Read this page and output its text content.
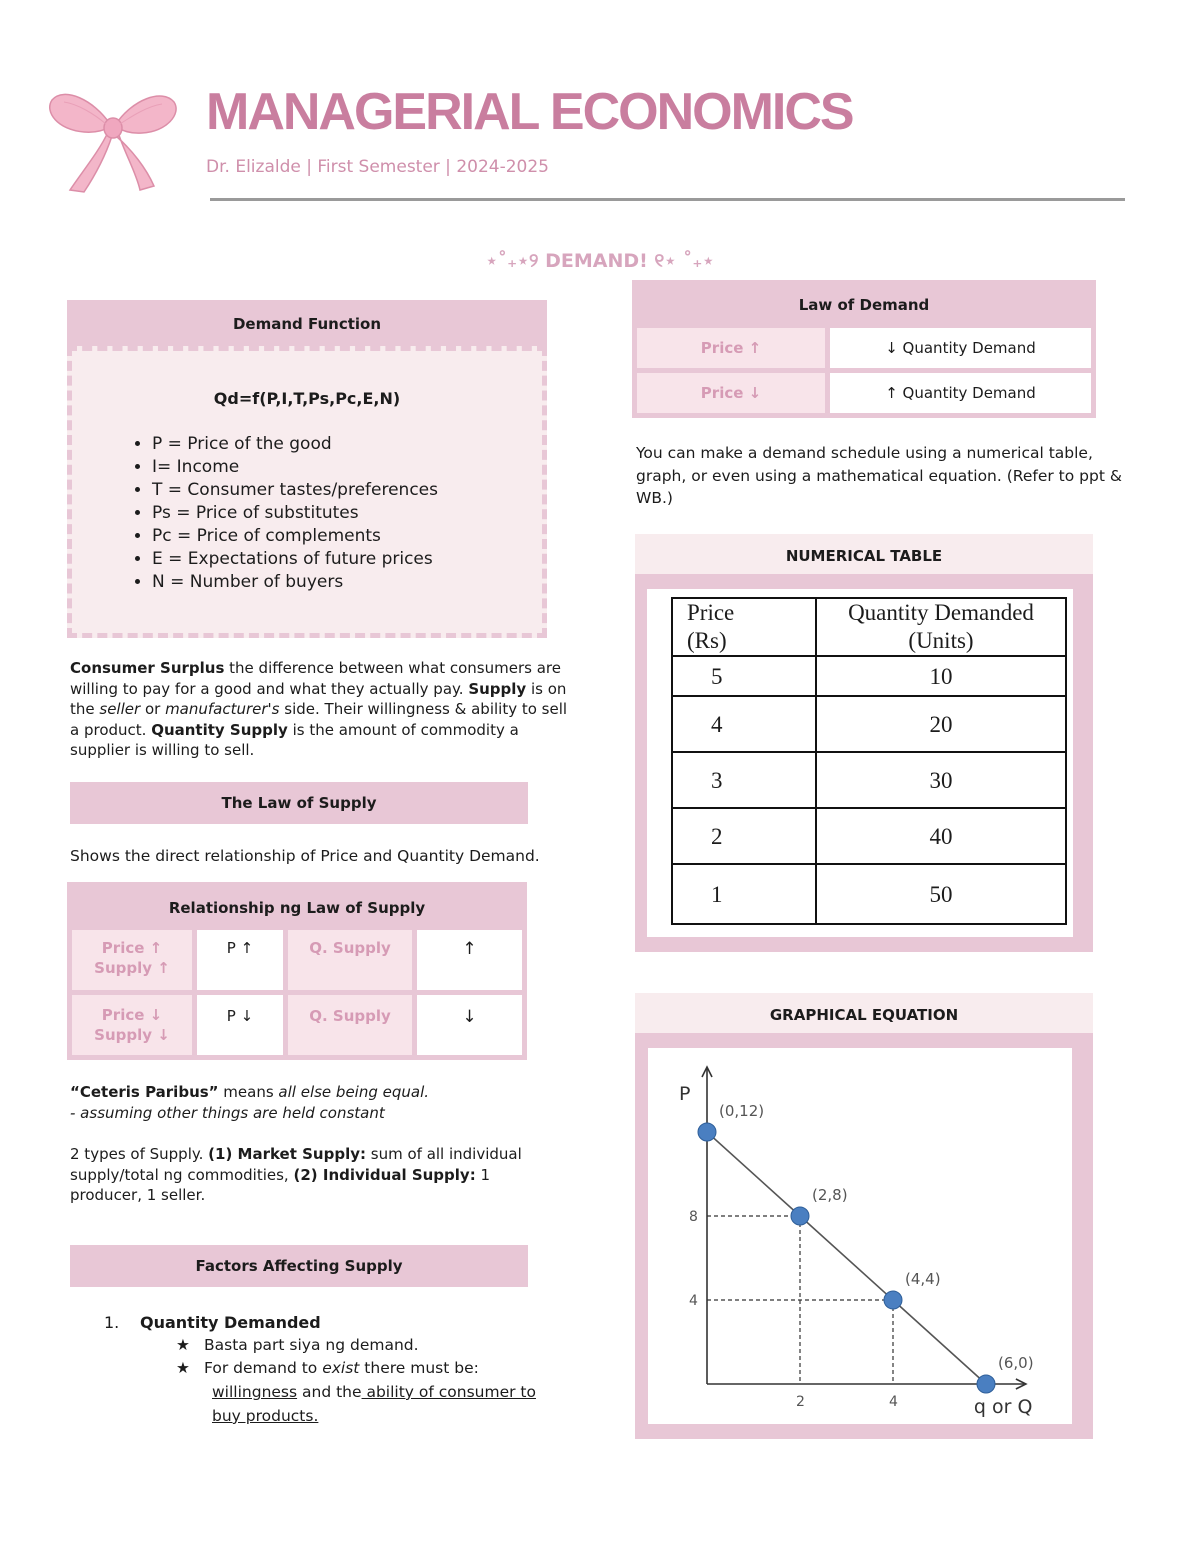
MANAGERIAL ECONOMICS
Dr. Elizalde | First Semester | 2024-2025
⋆˚₊⋆୨ DEMAND! ୧⋆ ˚₊⋆
Demand Function
Qd=f(P,I,T,Ps,Pc,E,N)
• P = Price of the good
• I= Income
• T = Consumer tastes/preferences
• Ps = Price of substitutes
• Pc = Price of complements
• E = Expectations of future prices
• N = Number of buyers
Consumer Surplus the difference between what consumers are willing to pay for a good and what they actually pay. Supply is on the seller or manufacturer's side. Their willingness & ability to sell a product. Quantity Supply is the amount of commodity a supplier is willing to sell.
The Law of Supply
Shows the direct relationship of Price and Quantity Demand.
Relationship ng Law of Supply
Price ↑
Supply ↑	P ↑	Q. Supply	↑
Price ↓
Supply ↓	P ↓	Q. Supply	↓
“Ceteris Paribus” means all else being equal.
- assuming other things are held constant
2 types of Supply. (1) Market Supply: sum of all individual supply/total ng commodities, (2) Individual Supply: 1 producer, 1 seller.
Factors Affecting Supply
1. Quantity Demanded
★ Basta part siya ng demand.
★ For demand to exist there must be:
willingness and the ability of consumer to
buy products.
Law of Demand
Price ↑	↓ Quantity Demand
Price ↓	↑ Quantity Demand
You can make a demand schedule using a numerical table, graph, or even using a mathematical equation. (Refer to ppt & WB.)
NUMERICAL TABLE
Price
(Rs)	Quantity Demanded
(Units)
5	10
4	20
3	30
2	40
1	50
GRAPHICAL EQUATION
P
q or Q
2	4
8
4
(0,12)
(2,8)
(4,4)
(6,0)
